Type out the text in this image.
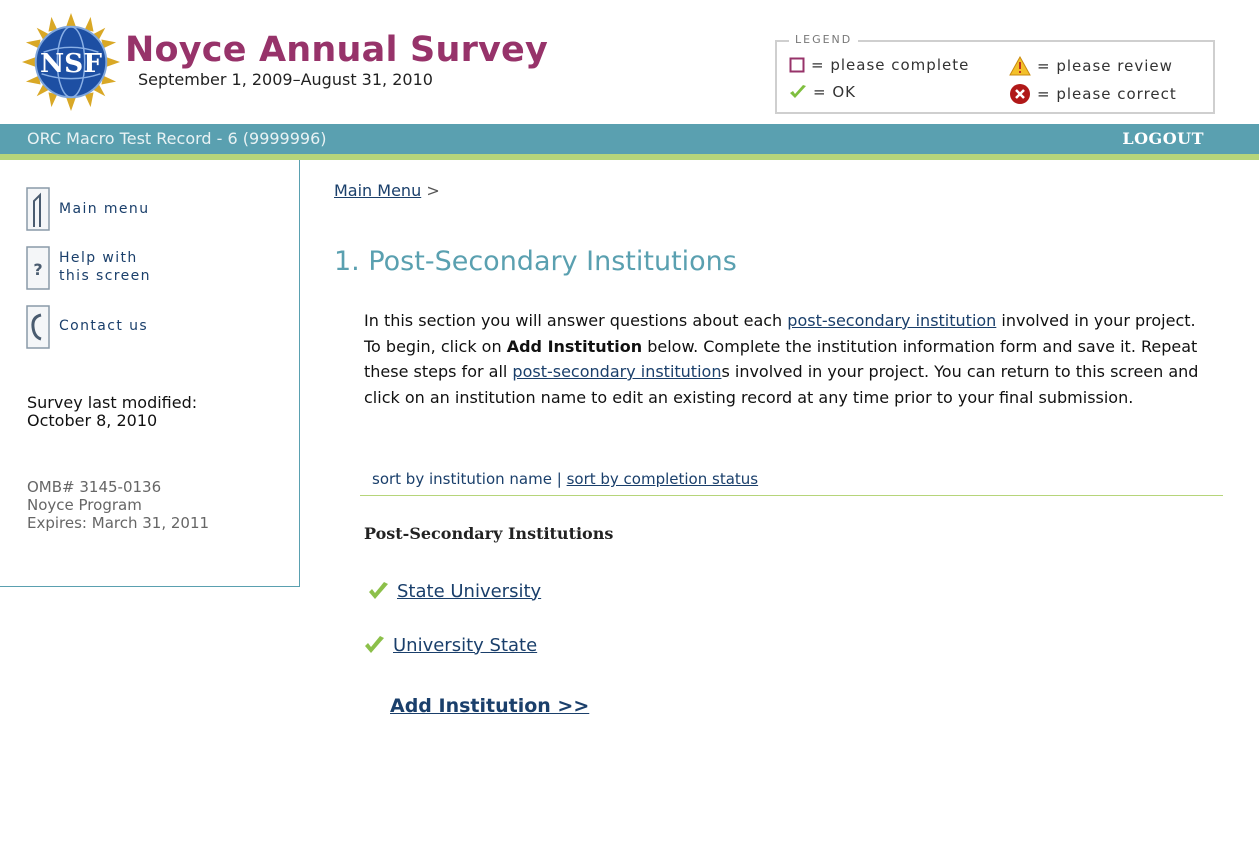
NSF Noyce Annual Survey
September 1, 2009–August 31, 2010
LEGEND
= please complete
= OK
= please review
= please correct
ORC Macro Test Record - 6 (9999996)	LOGOUT
Main menu
?
Help with
this screen
Contact us
Survey last modified:
October 8, 2010
OMB# 3145-0136
Noyce Program
Expires: March 31, 2011
Main Menu >
1. Post-Secondary Institutions
In this section you will answer questions about each post-secondary institution involved in your project. To begin, click on Add Institution below. Complete the institution information form and save it. Repeat these steps for all post-secondary institutions involved in your project. You can return to this screen and click on an institution name to edit an existing record at any time prior to your final submission.
sort by institution name | sort by completion status
Post-Secondary Institutions
State University
University State
Add Institution >>
